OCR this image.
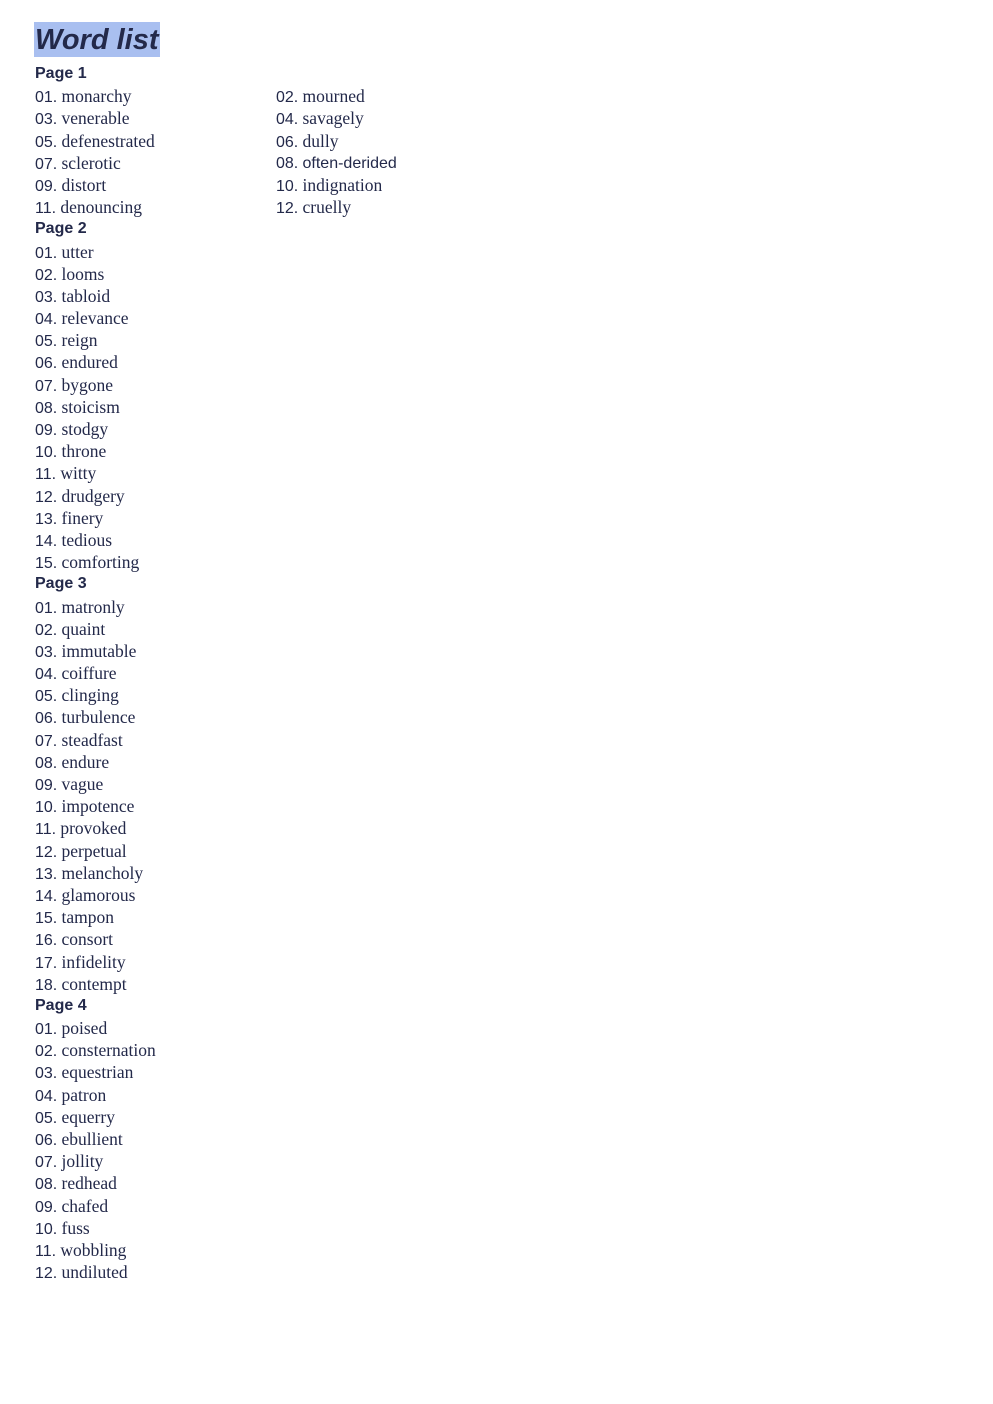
Word list
Page 1
01. monarchy	02. mourned
03. venerable	04. savagely
05. defenestrated	06. dully
07. sclerotic	08. often-derided
09. distort	10. indignation
11. denouncing	12. cruelly
Page 2
01. utter
02. looms
03. tabloid
04. relevance
05. reign
06. endured
07. bygone
08. stoicism
09. stodgy
10. throne
11. witty
12. drudgery
13. finery
14. tedious
15. comforting
Page 3
01. matronly
02. quaint
03. immutable
04. coiffure
05. clinging
06. turbulence
07. steadfast
08. endure
09. vague
10. impotence
11. provoked
12. perpetual
13. melancholy
14. glamorous
15. tampon
16. consort
17. infidelity
18. contempt
Page 4
01. poised
02. consternation
03. equestrian
04. patron
05. equerry
06. ebullient
07. jollity
08. redhead
09. chafed
10. fuss
11. wobbling
12. undiluted
